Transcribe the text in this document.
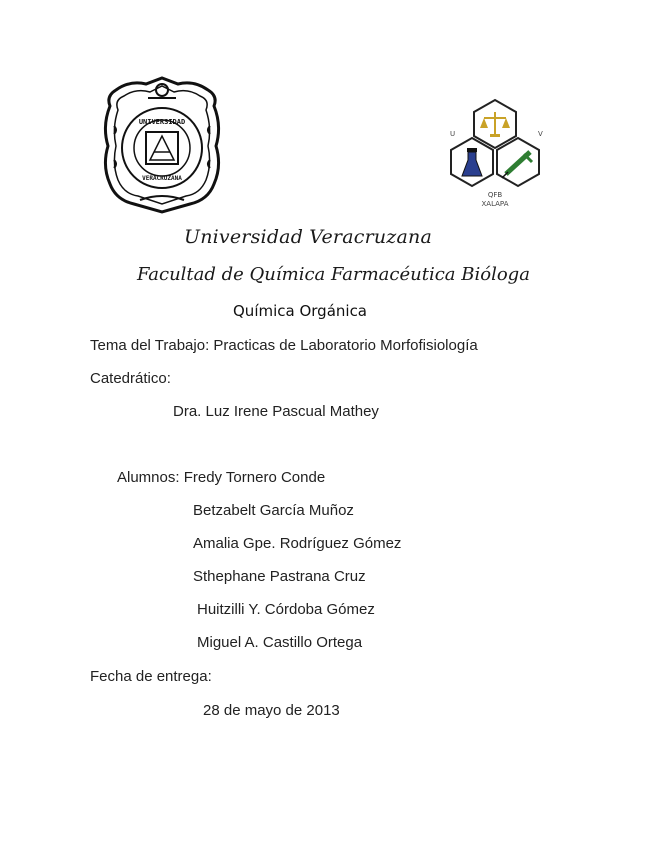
UNIVERSIDAD
VERACRUZANA
U	V
QFB
XALAPA
Universidad Veracruzana
Facultad de Química Farmacéutica Bióloga
Química Orgánica
Tema del Trabajo: Practicas de Laboratorio Morfofisiología
Catedrático:
Dra. Luz Irene Pascual Mathey
Alumnos: Fredy Tornero Conde
Betzabelt García Muñoz
Amalia Gpe. Rodríguez Gómez
Sthephane Pastrana Cruz
Huitzilli Y. Córdoba Gómez
Miguel A. Castillo Ortega
Fecha de entrega:
28 de mayo de 2013
